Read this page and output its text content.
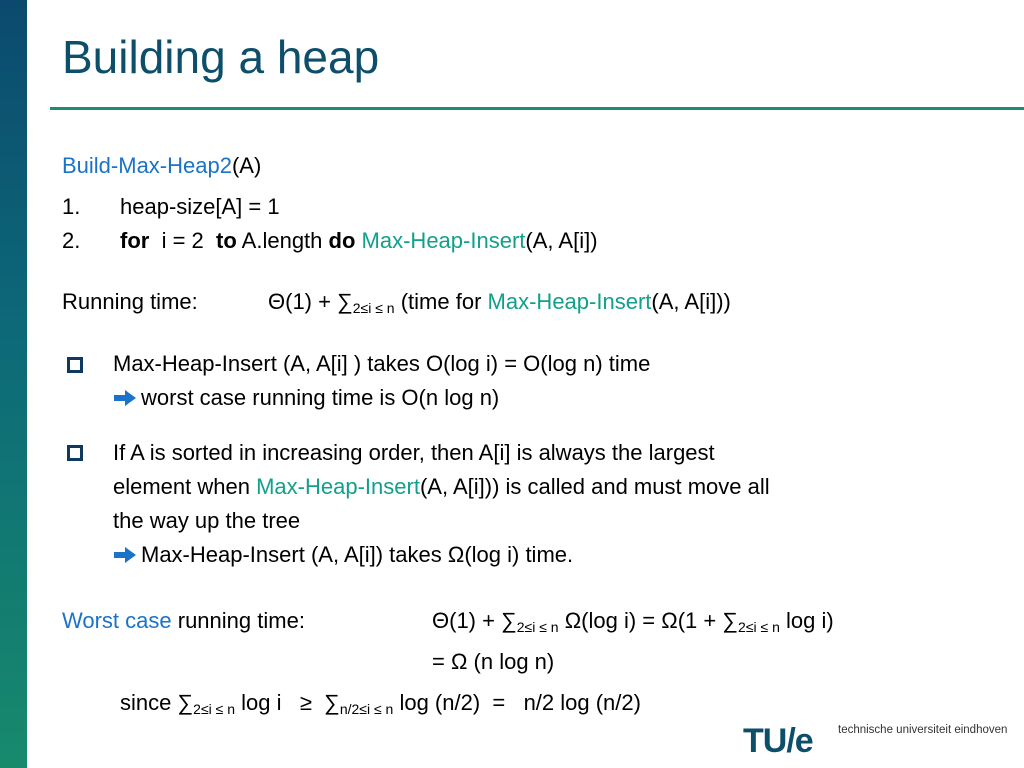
Building a heap
Build-Max-Heap2(A)
1. heap-size[A] = 1
2. for i = 2 to A.length do Max-Heap-Insert(A, A[i])
Running time:	$\Theta(1) + \sum_{2\le i \le n}$ (time for Max-Heap-Insert(A, A[i]))
Max-Heap-Insert (A, A[i] ) takes O(log i) = O(log n) time
worst case running time is O(n log n)
If A is sorted in increasing order, then A[i] is always the largest
element when Max-Heap-Insert(A, A[i])) is called and must move all
the way up the tree
Max-Heap-Insert (A, A[i]) takes Ω(log i) time.
Worst case running time:	$\Theta(1) + \sum_{2\le i \le n}$ Ω(log $i) = \Omega(1 + \sum_{2\le i \le n}$ log i)
= Ω (n log n)
since $\sum_{2\le i \le n}$ $\log i \ge \sum_{n/2\le i \le n}$ log (n/2)  =   n/2 log (n/2)
TU/e technische universiteit eindhoven
